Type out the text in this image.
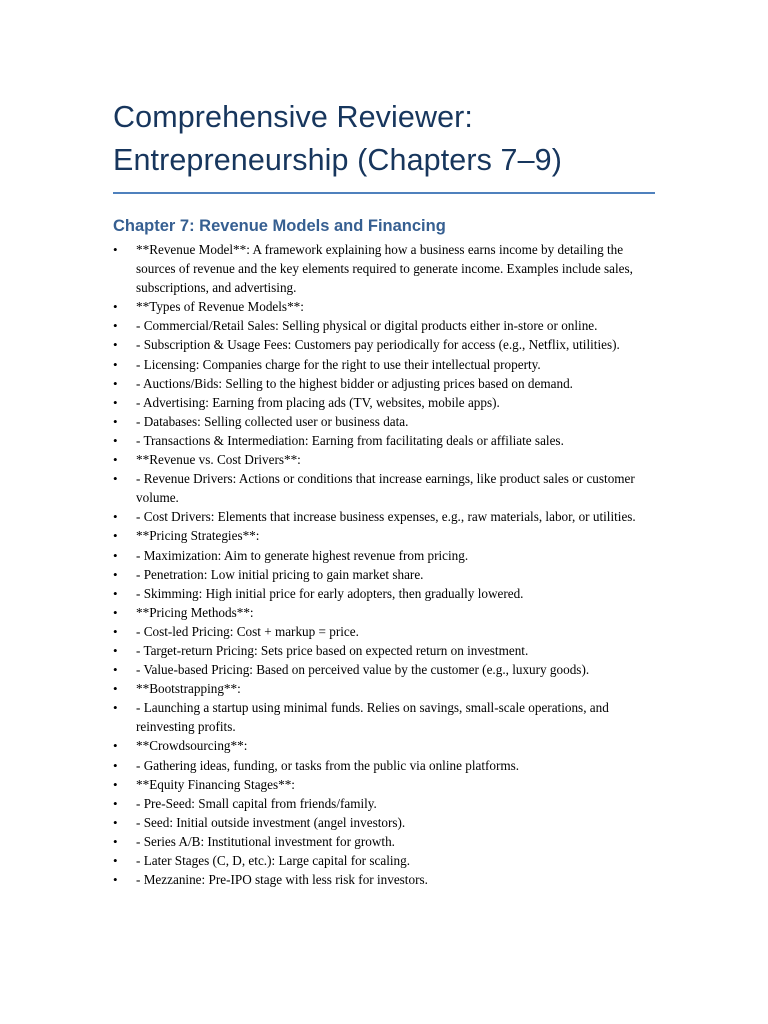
Comprehensive Reviewer:
Entrepreneurship (Chapters 7–9)
Chapter 7: Revenue Models and Financing
• **Revenue Model**: A framework explaining how a business earns income by detailing the sources of revenue and the key elements required to generate income. Examples include sales, subscriptions, and advertising.
• **Types of Revenue Models**:
• - Commercial/Retail Sales: Selling physical or digital products either in-store or online.
• - Subscription & Usage Fees: Customers pay periodically for access (e.g., Netflix, utilities).
• - Licensing: Companies charge for the right to use their intellectual property.
• - Auctions/Bids: Selling to the highest bidder or adjusting prices based on demand.
• - Advertising: Earning from placing ads (TV, websites, mobile apps).
• - Databases: Selling collected user or business data.
• - Transactions & Intermediation: Earning from facilitating deals or affiliate sales.
• **Revenue vs. Cost Drivers**:
• - Revenue Drivers: Actions or conditions that increase earnings, like product sales or customer volume.
• - Cost Drivers: Elements that increase business expenses, e.g., raw materials, labor, or utilities.
• **Pricing Strategies**:
• - Maximization: Aim to generate highest revenue from pricing.
• - Penetration: Low initial pricing to gain market share.
• - Skimming: High initial price for early adopters, then gradually lowered.
• **Pricing Methods**:
• - Cost-led Pricing: Cost + markup = price.
• - Target-return Pricing: Sets price based on expected return on investment.
• - Value-based Pricing: Based on perceived value by the customer (e.g., luxury goods).
• **Bootstrapping**:
• - Launching a startup using minimal funds. Relies on savings, small-scale operations, and reinvesting profits.
• **Crowdsourcing**:
• - Gathering ideas, funding, or tasks from the public via online platforms.
• **Equity Financing Stages**:
• - Pre-Seed: Small capital from friends/family.
• - Seed: Initial outside investment (angel investors).
• - Series A/B: Institutional investment for growth.
• - Later Stages (C, D, etc.): Large capital for scaling.
• - Mezzanine: Pre-IPO stage with less risk for investors.
